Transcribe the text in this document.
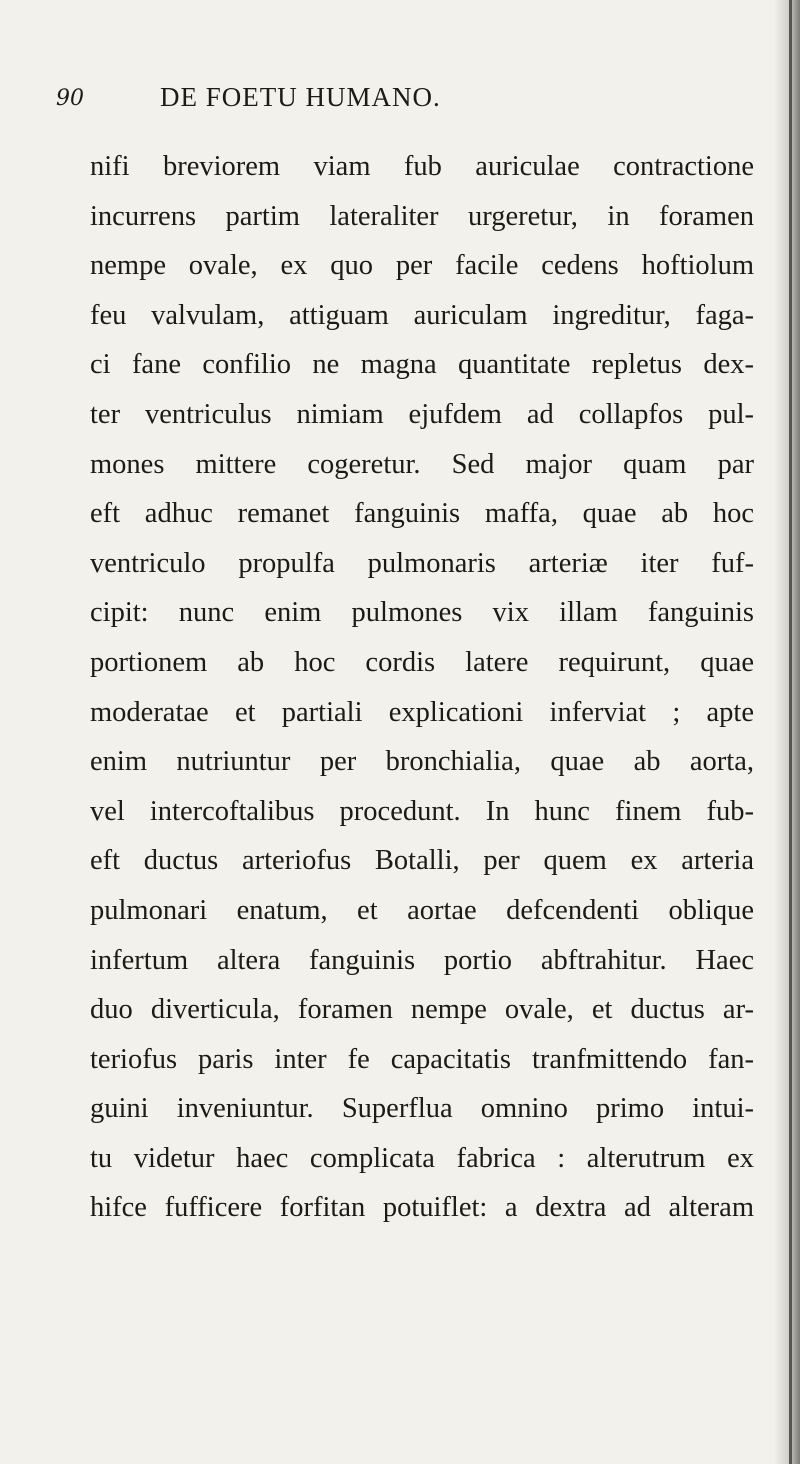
90	DE FOETU HUMANO.
nifi breviorem viam fub auriculae contractione
incurrens partim lateraliter urgeretur, in foramen
nempe ovale, ex quo per facile cedens hoftiolum
feu valvulam, attiguam auriculam ingreditur, faga-
ci fane confilio ne magna quantitate repletus dex-
ter ventriculus nimiam ejufdem ad collapfos pul-
mones mittere cogeretur. Sed major quam par
eft adhuc remanet fanguinis maffa, quae ab hoc
ventriculo propulfa pulmonaris arteriæ iter fuf-
cipit: nunc enim pulmones vix illam fanguinis
portionem ab hoc cordis latere requirunt, quae
moderatae et partiali explicationi inferviat ; apte
enim nutriuntur per bronchialia, quae ab aorta,
vel intercoftalibus procedunt. In hunc finem fub-
eft ductus arteriofus Botalli, per quem ex arteria
pulmonari enatum, et aortae defcendenti oblique
infertum altera fanguinis portio abftrahitur. Haec
duo diverticula, foramen nempe ovale, et ductus ar-
teriofus paris inter fe capacitatis tranfmittendo fan-
guini inveniuntur. Superflua omnino primo intui-
tu videtur haec complicata fabrica : alterutrum ex
hifce fufficere forfitan potuiflet: a dextra ad alteram
